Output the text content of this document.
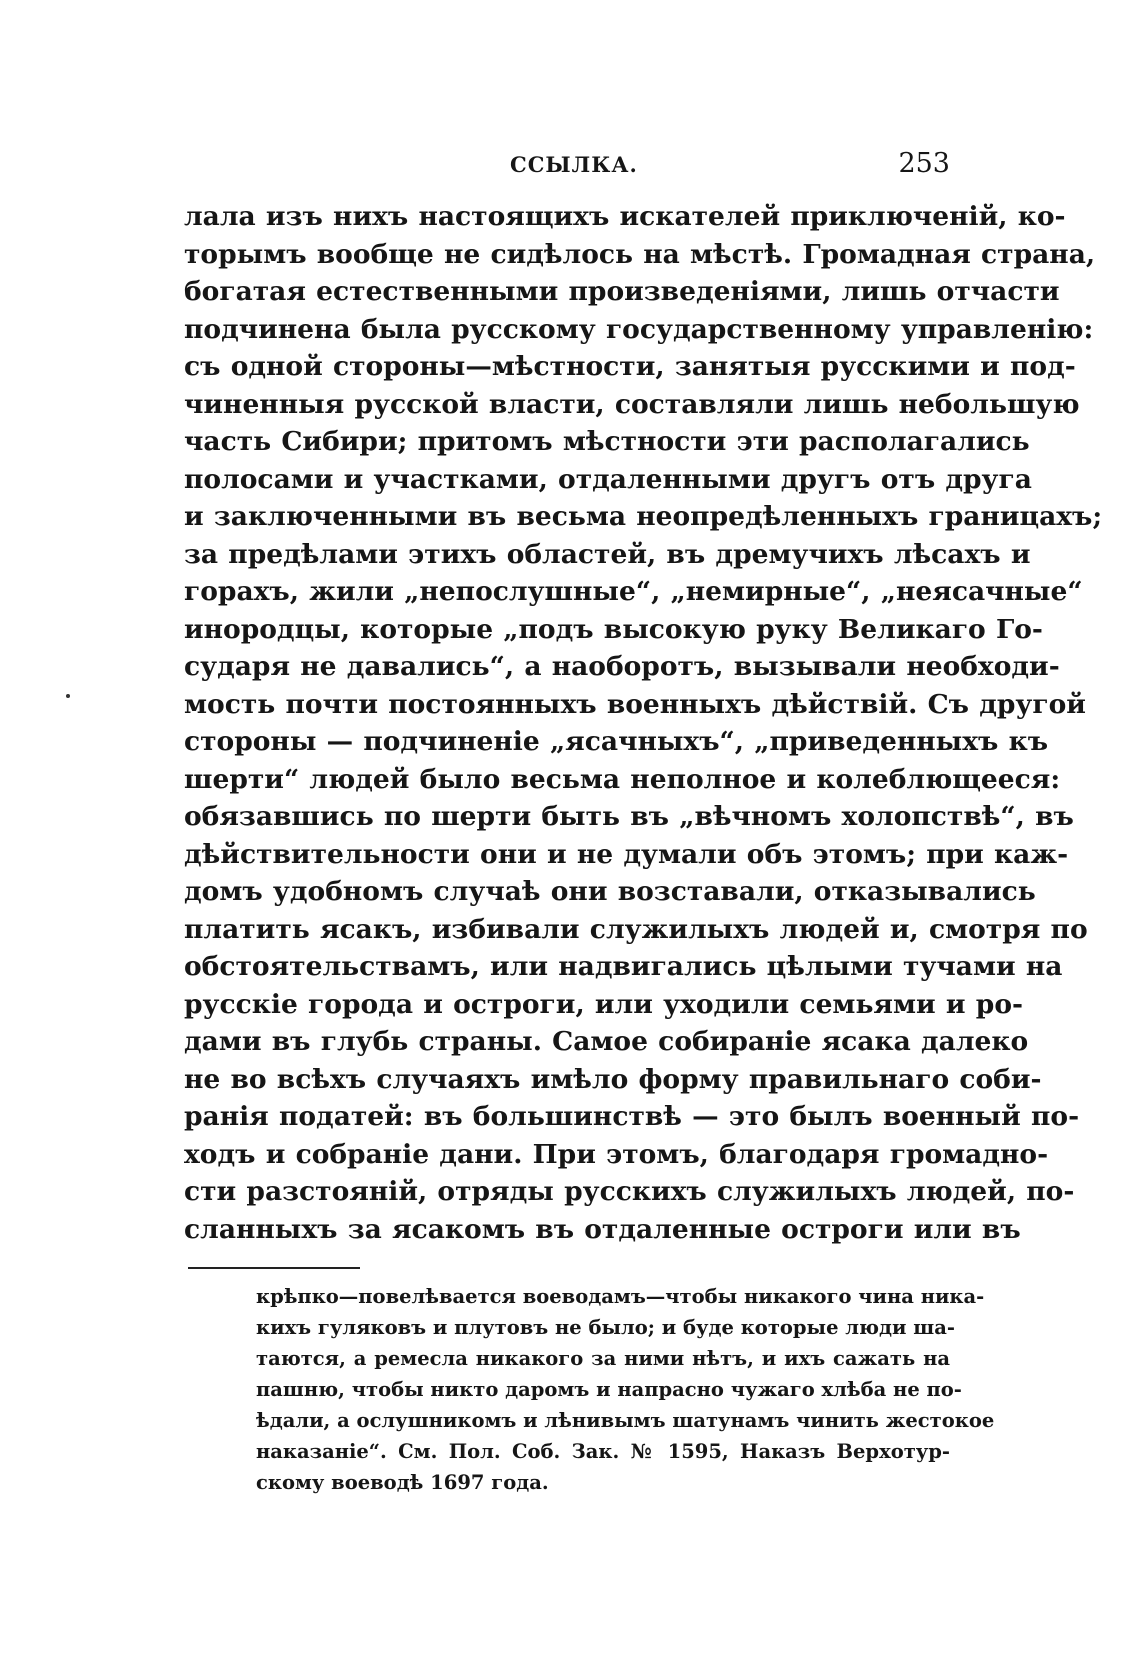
ССЫЛКА.	253
лала изъ нихъ настоящихъ искателей приключеній, ко-
торымъ вообще не сидѣлось на мѣстѣ. Громадная страна,
богатая естественными произведеніями, лишь отчасти
подчинена была русскому государственному управленію:
съ одной стороны—мѣстности, занятыя русскими и под-
чиненныя русской власти, составляли лишь небольшую
часть Сибири; притомъ мѣстности эти располагались
полосами и участками, отдаленными другъ отъ друга
и заключенными въ весьма неопредѣленныхъ границахъ;
за предѣлами этихъ областей, въ дремучихъ лѣсахъ и
горахъ, жили „непослушные“, „немирные“, „неясачные“
инородцы, которые „подъ высокую руку Великаго Го-
сударя не давались“, а наоборотъ, вызывали необходи-
мость почти постоянныхъ военныхъ дѣйствій. Съ другой
стороны — подчиненіе „ясачныхъ“, „приведенныхъ къ
шерти“ людей было весьма неполное и колеблющееся:
обязавшись по шерти быть въ „вѣчномъ холопствѣ“, въ
дѣйствительности они и не думали объ этомъ; при каж-
домъ удобномъ случаѣ они возставали, отказывались
платить ясакъ, избивали служилыхъ людей и, смотря по
обстоятельствамъ, или надвигались цѣлыми тучами на
русскіе города и остроги, или уходили семьями и ро-
дами въ глубь страны. Самое собираніе ясака далеко
не во всѣхъ случаяхъ имѣло форму правильнаго соби-
ранія податей: въ большинствѣ — это былъ военный по-
ходъ и собраніе дани. При этомъ, благодаря громадно-
сти разстояній, отряды русскихъ служилыхъ людей, по-
сланныхъ за ясакомъ въ отдаленные остроги или въ
крѣпко—повелѣвается воеводамъ—чтобы никакого чина ника-
кихъ гуляковъ и плутовъ не было; и буде которые люди ша-
таются, а ремесла никакого за ними нѣтъ, и ихъ сажать на
пашню, чтобы никто даромъ и напрасно чужаго хлѣба не по-
ѣдали, а ослушникомъ и лѣнивымъ шатунамъ чинить жестокое
наказаніе“. См. Пол. Соб. Зак. № 1595, Наказъ Верхотур-
скому воеводѣ 1697 года.
